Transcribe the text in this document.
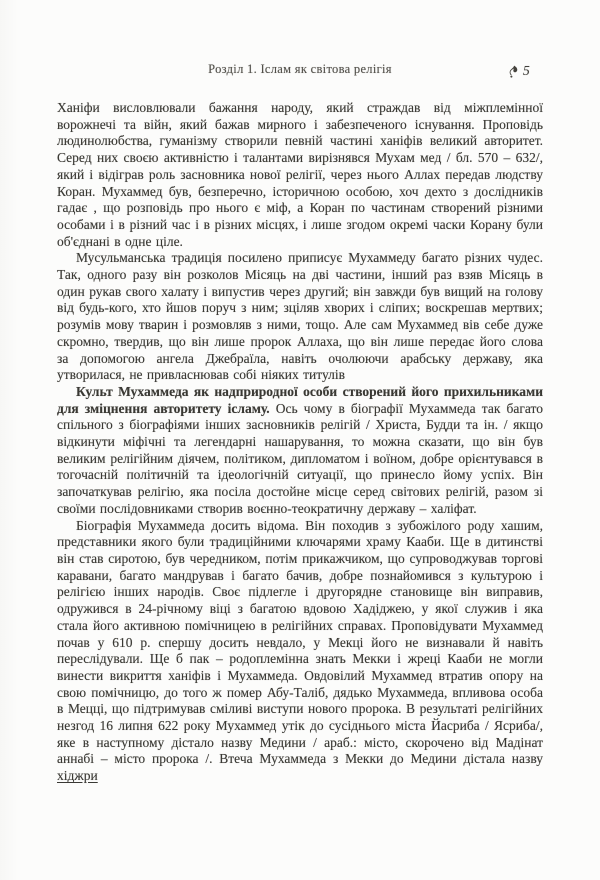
Розділ 1. Іслам як світова релігія	5

Ханіфи висловлювали бажання народу, який страждав від міжплемінної ворожнечі та війн, який бажав мирного і забезпеченого існування. Проповідь людинолюбства, гуманізму створили певній частині ханіфів великий авторитет. Серед них своєю активністю і талантами вирізнявся Мухам мед / бл. 570 – 632/, який і відіграв роль засновника нової релігії, через нього Аллах передав людству Коран. Мухаммед був, безперечно, історичною особою, хоч дехто з дослідників гадає , що розповідь про нього є міф, а Коран по частинам створений різними особами і в різний час і в різних місцях, і лише згодом окремі часки Корану були об'єднані в одне ціле.

Мусульманська традиція посилено приписує Мухаммеду багато різних чудес. Так, одного разу він розколов Місяць на дві частини, інший раз взяв Місяць в один рукав свого халату і випустив через другий; він завжди був вищий на голову від будь-кого, хто йшов поруч з ним; зціляв хворих і сліпих; воскрешав мертвих; розумів мову тварин і розмовляв з ними, тощо. Але сам Мухаммед вів себе дуже скромно, твердив, що він лише пророк Аллаха, що він лише передає його слова за допомогою ангела Джебраїла, навіть очолюючи арабську державу, яка утворилася, не привласнював собі ніяких титулів

Культ Мухаммеда як надприродної особи створений його прихильниками для зміцнення авторитету ісламу. Ось чому в біографії Мухаммеда так багато спільного з біографіями інших засновників релігій / Христа, Будди та ін. / якщо відкинути міфічні та легендарні нашарування, то можна сказати, що він був великим релігійним діячем, політиком, дипломатом і воїном, добре орієнтувався в тогочасній політичній та ідеологічній ситуації, що принесло йому успіх. Він започаткував релігію, яка посіла достойне місце серед світових релігій, разом зі своїми послідовниками створив воєнно-теократичну державу – халіфат.

Біографія Мухаммеда досить відома. Він походив з зубожілого роду хашим, представники якого були традиційними ключарями храму Кааби. Ще в дитинстві він став сиротою, був чередником, потім прикажчиком, що супроводжував торгові каравани, багато мандрував і багато бачив, добре познайомився з культурою і релігією інших народів. Своє підлегле і другорядне становище він виправив, одружився в 24-річному віці з багатою вдовою Хадіджею, у якої служив і яка стала його активною помічницею в релігійних справах. Проповідувати Мухаммед почав у 610 р. спершу досить невдало, у Мекці його не визнавали й навіть переслідували. Ще б пак – родоплемінна знать Мекки і жреці Кааби не могли винести викриття ханіфів і Мухаммеда. Овдовілий Мухаммед втратив опору на свою помічницю, до того ж помер Абу-Таліб, дядько Мухаммеда, впливова особа в Мецці, що підтримував сміливі виступи нового пророка. В результаті релігійних незгод 16 липня 622 року Мухаммед утік до сусіднього міста Йасриба / Ясриба/, яке в наступному дістало назву Медини / араб.: місто, скорочено від Мадінат аннабі – місто пророка /. Втеча Мухаммеда з Мекки до Медини дістала назву хіджри
